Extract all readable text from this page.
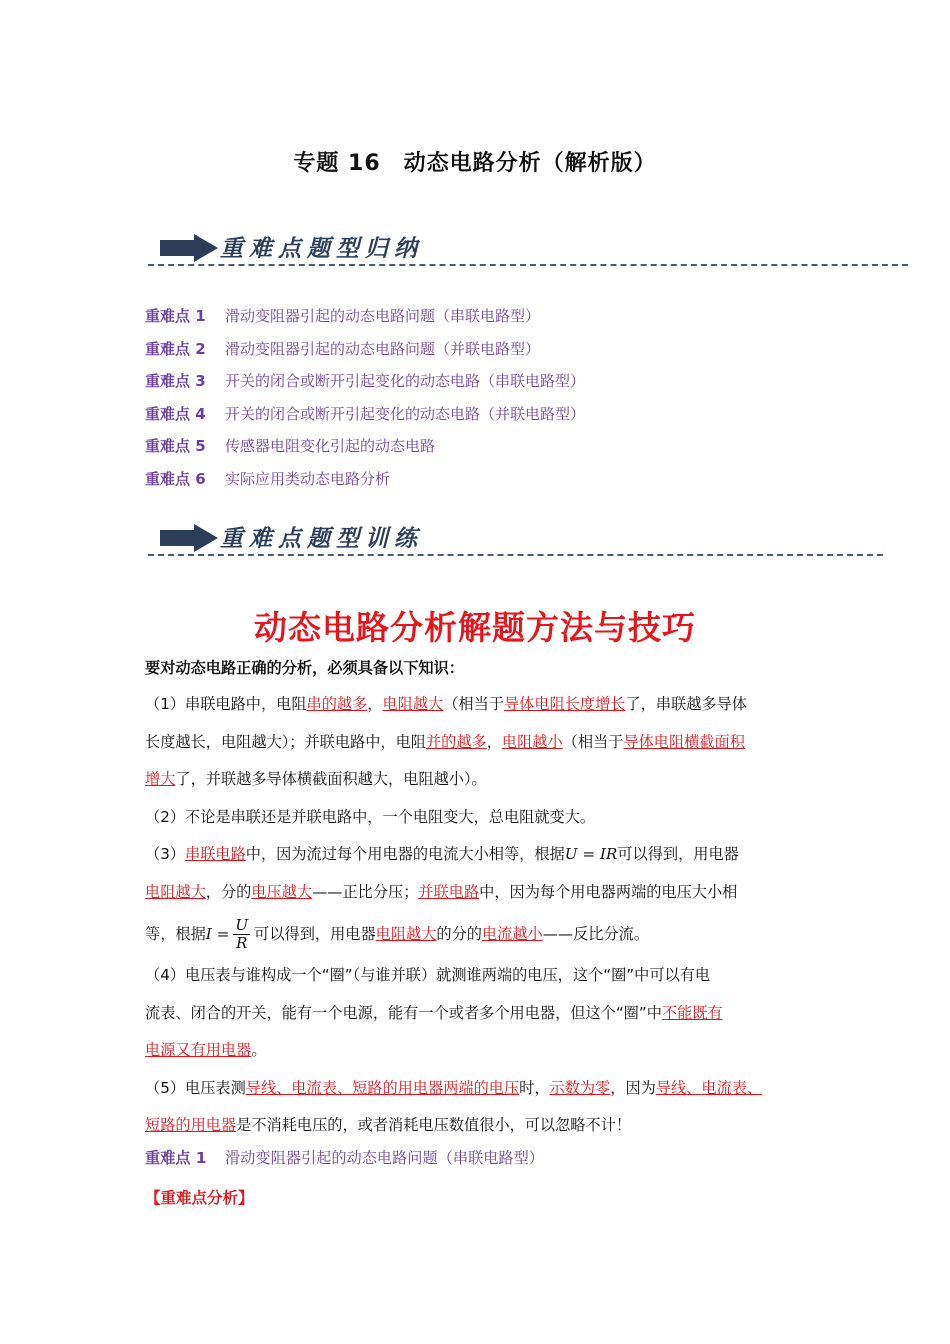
专题 16　动态电路分析（解析版）
重难点题型归纳
重难点 1 滑动变阻器引起的动态电路问题（串联电路型）
重难点 2 滑动变阻器引起的动态电路问题（并联电路型）
重难点 3 开关的闭合或断开引起变化的动态电路（串联电路型）
重难点 4 开关的闭合或断开引起变化的动态电路（并联电路型）
重难点 5 传感器电阻变化引起的动态电路
重难点 6 实际应用类动态电路分析
重难点题型训练
动态电路分析解题方法与技巧

要对动态电路正确的分析，必须具备以下知识：

（1）串联电路中，电阻串的越多，电阻越大（相当于导体电阻长度增长了，串联越多导体

长度越长，电阻越大）；并联电路中，电阻并的越多，电阻越小（相当于导体电阻横截面积

增大了，并联越多导体横截面积越大，电阻越小）。

（2）不论是串联还是并联电路中，一个电阻变大，总电阻就变大。

（3）串联电路中，因为流过每个用电器的电流大小相等，根据U = IR可以得到，用电器

电阻越大，分的电压越大——正比分压；并联电路中，因为每个用电器两端的电压大小相

等，根据$I = \frac{U}{R}$ 可以得到，用电器电阻越大的分的电流越小——反比分流。

（4）电压表与谁构成一个“圈”（与谁并联）就测谁两端的电压，这个“圈”中可以有电

流表、闭合的开关，能有一个电源，能有一个或者多个用电器，但这个“圈”中不能既有

电源又有用电器。

（5）电压表测导线、电流表、短路的用电器两端的电压时，示数为零，因为导线、电流表、

短路的用电器是不消耗电压的，或者消耗电压数值很小，可以忽略不计！

重难点 1 滑动变阻器引起的动态电路问题（串联电路型）

【重难点分析】
